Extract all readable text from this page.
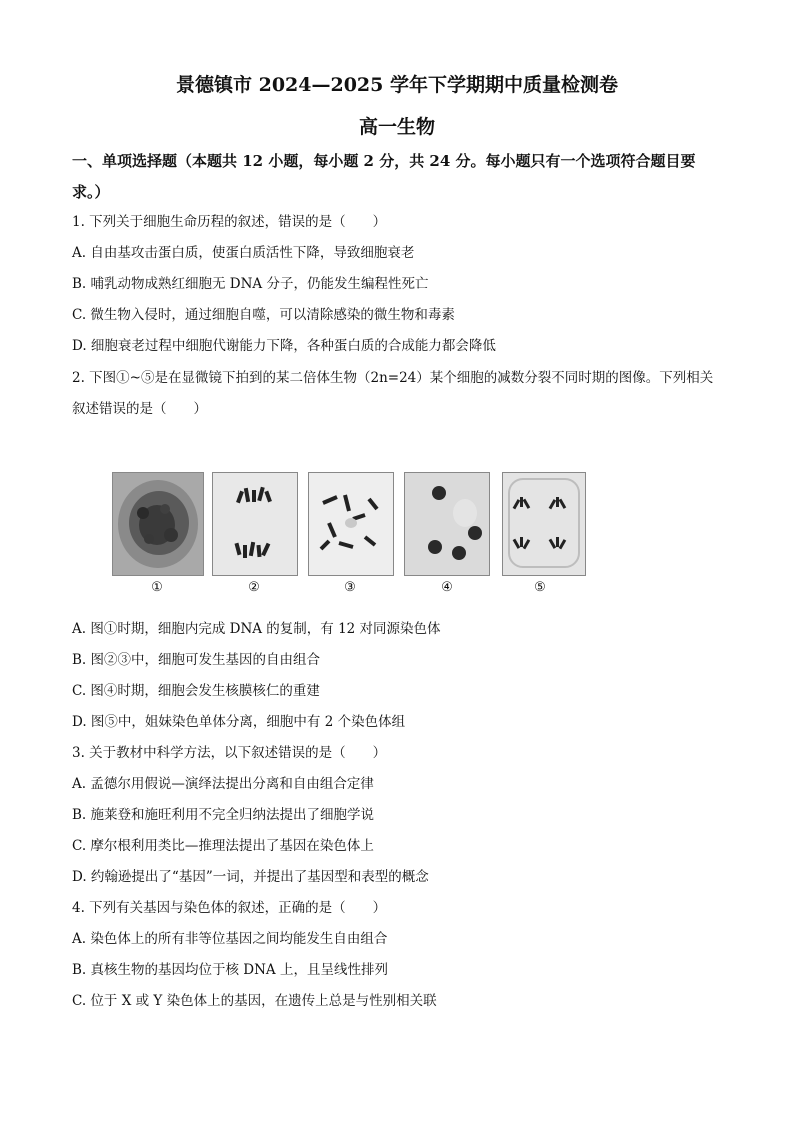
景德镇市 2024—2025 学年下学期期中质量检测卷
高一生物
一、单项选择题（本题共 12 小题，每小题 2 分，共 24 分。每小题只有一个选项符合题目要
求。）
1. 下列关于细胞生命历程的叙述，错误的是（　　）
A. 自由基攻击蛋白质，使蛋白质活性下降，导致细胞衰老
B. 哺乳动物成熟红细胞无 DNA 分子，仍能发生编程性死亡
C. 微生物入侵时，通过细胞自噬，可以清除感染的微生物和毒素
D. 细胞衰老过程中细胞代谢能力下降，各种蛋白质的合成能力都会降低
2. 下图①~⑤是在显微镜下拍到的某二倍体生物（2n=24）某个细胞的减数分裂不同时期的图像。下列相关
叙述错误的是（　　）
①	②	③	④	⑤
A. 图①时期，细胞内完成 DNA 的复制，有 12 对同源染色体
B. 图②③中，细胞可发生基因的自由组合
C. 图④时期，细胞会发生核膜核仁的重建
D. 图⑤中，姐妹染色单体分离，细胞中有 2 个染色体组
3. 关于教材中科学方法，以下叙述错误的是（　　）
A. 孟德尔用假说—演绎法提出分离和自由组合定律
B. 施莱登和施旺利用不完全归纳法提出了细胞学说
C. 摩尔根利用类比—推理法提出了基因在染色体上
D. 约翰逊提出了“基因”一词，并提出了基因型和表型的概念
4. 下列有关基因与染色体的叙述，正确的是（　　）
A. 染色体上的所有非等位基因之间均能发生自由组合
B. 真核生物的基因均位于核 DNA 上，且呈线性排列
C. 位于 X 或 Y 染色体上的基因，在遗传上总是与性别相关联
